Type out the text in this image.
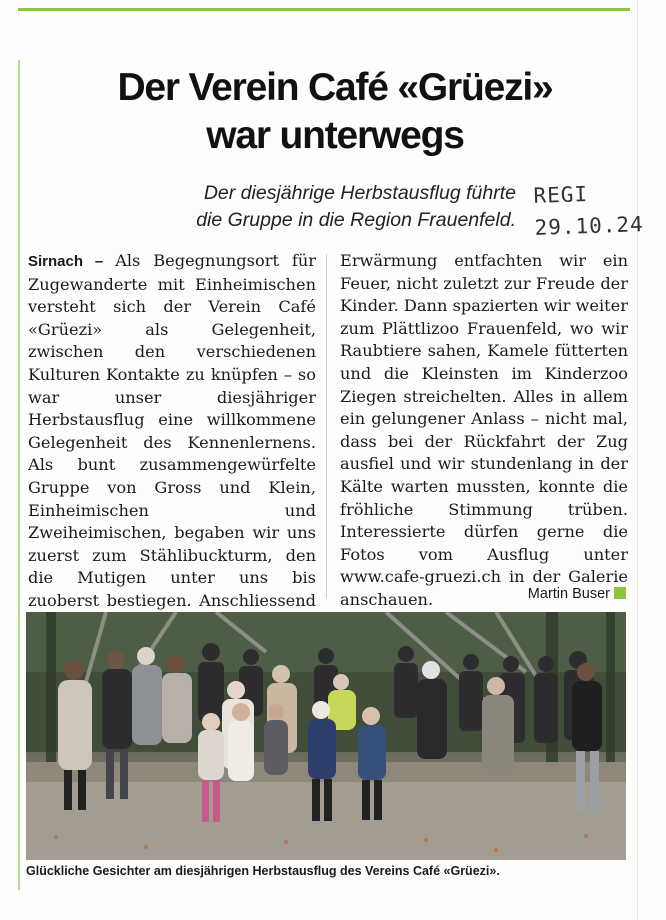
Der Verein Café «Grüezi»
war unterwegs

Der diesjährige Herbstausflug führte
die Gruppe in die Region Frauenfeld.

REGI
29.10.24
Sirnach – Als Begegnungsort für Zugewanderte mit Einheimischen versteht sich der Verein Café «Grüezi» als Gelegenheit, zwischen den verschiedenen Kulturen Kontakte zu knüpfen – so war unser diesjähriger Herbstausflug eine willkommene Gelegenheit des Kennenlernens. Als bunt zusammengewürfelte Gruppe von Gross und Klein, Einheimischen und Zweiheimischen, begaben wir uns zuerst zum Stählibuckturm, den die Mutigen unter uns bis zuoberst bestiegen. Anschliessend
Erwärmung entfachten wir ein Feuer, nicht zuletzt zur Freude der Kinder. Dann spazierten wir weiter zum Plättlizoo Frauenfeld, wo wir Raubtiere sahen, Kamele fütterten und die Kleinsten im Kinderzoo Ziegen streichelten. Alles in allem ein gelungener Anlass – nicht mal, dass bei der Rückfahrt der Zug ausfiel und wir stundenlang in der Kälte warten mussten, konnte die fröhliche Stimmung trüben. Interessierte dürfen gerne die Fotos vom Ausflug unter www.cafe-gruezi.ch in der Galerie anschauen.	Martin Buser
Glückliche Gesichter am diesjährigen Herbstausflug des Vereins Café «Grüezi».
